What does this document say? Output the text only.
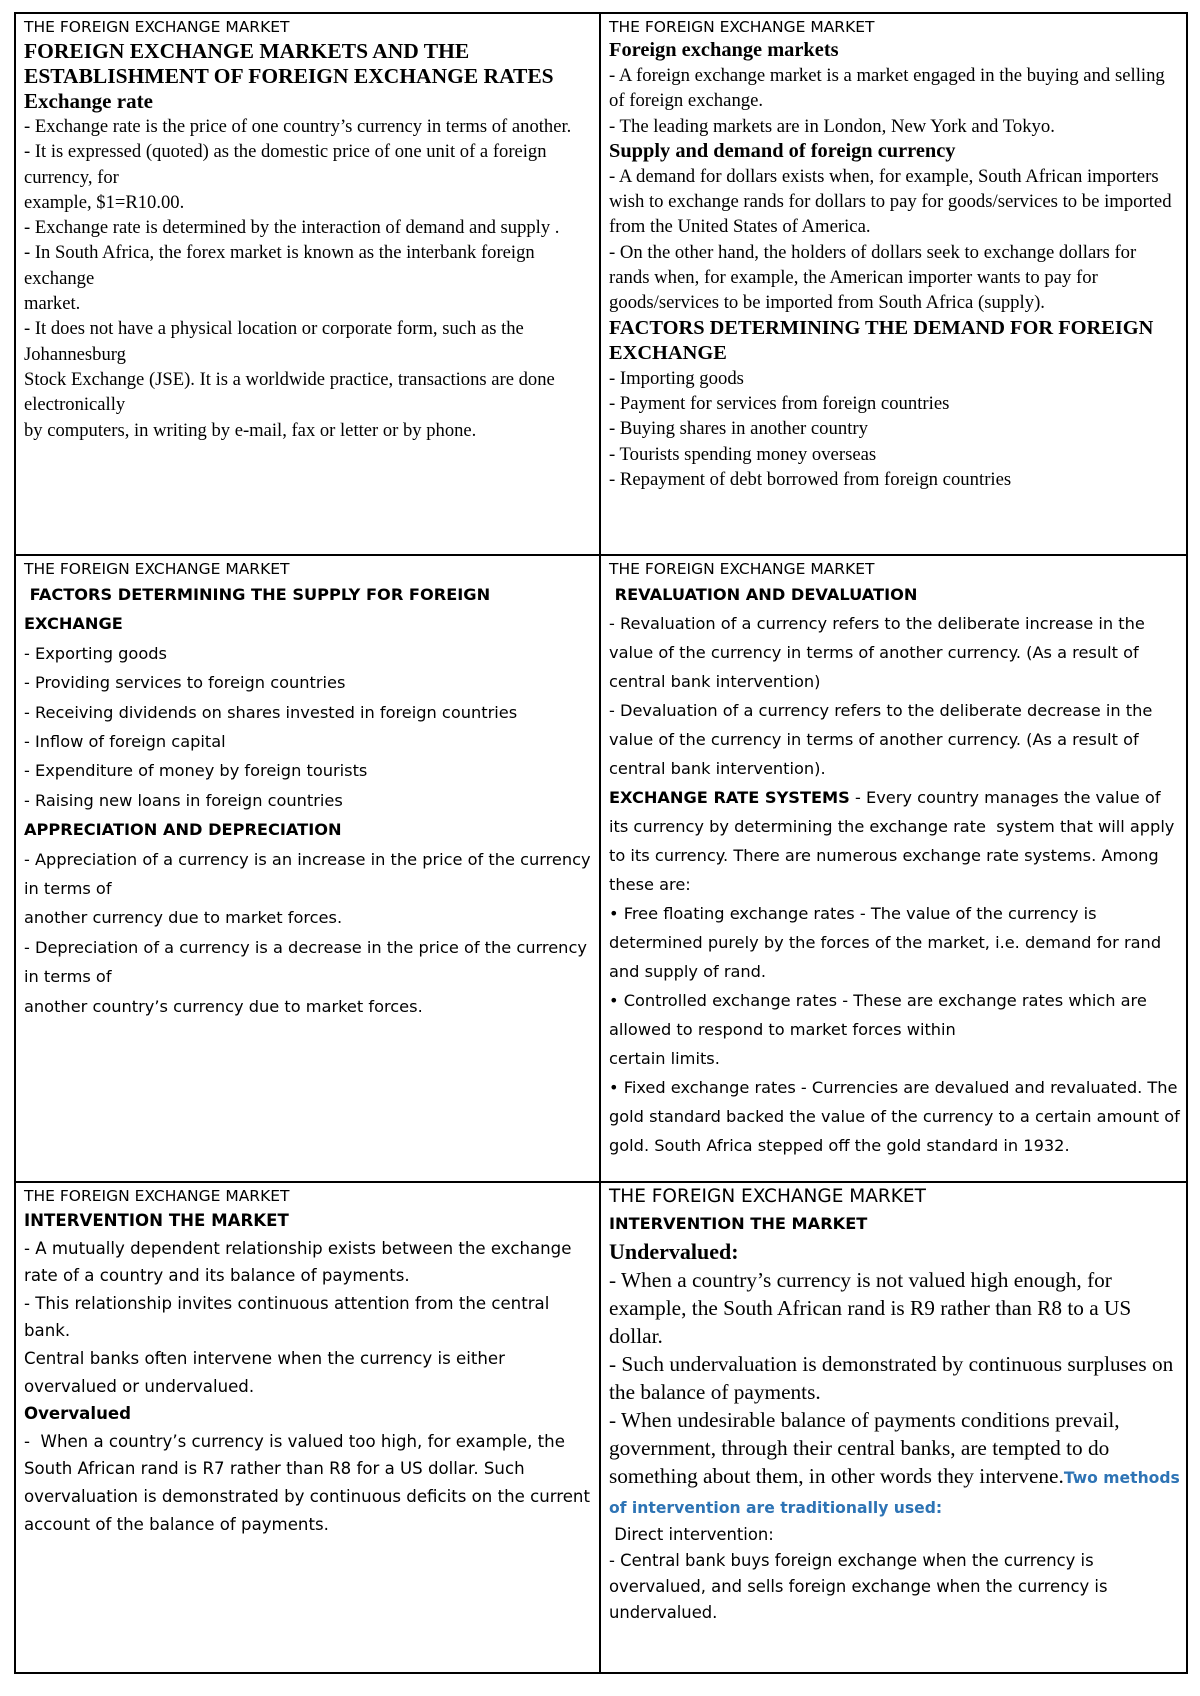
THE FOREIGN EXCHANGE MARKET
FOREIGN EXCHANGE MARKETS AND THE ESTABLISHMENT OF FOREIGN EXCHANGE RATES
Exchange rate

- Exchange rate is the price of one country’s currency in terms of another.

- It is expressed (quoted) as the domestic price of one unit of a foreign currency, for

example, $1=R10.00.

- Exchange rate is determined by the interaction of demand and supply .

- In South Africa, the forex market is known as the interbank foreign exchange

market.

- It does not have a physical location or corporate form, such as the Johannesburg

Stock Exchange (JSE). It is a worldwide practice, transactions are done electronically

by computers, in writing by e-mail, fax or letter or by phone.

THE FOREIGN EXCHANGE MARKET
Foreign exchange markets

- A foreign exchange market is a market engaged in the buying and selling of foreign exchange.

- The leading markets are in London, New York and Tokyo.

Supply and demand of foreign currency

- A demand for dollars exists when, for example, South African importers wish to exchange rands for dollars to pay for goods/services to be imported from the United States of America.

- On the other hand, the holders of dollars seek to exchange dollars for rands when, for example, the American importer wants to pay for goods/services to be imported from South Africa (supply).

FACTORS DETERMINING THE DEMAND FOR FOREIGN EXCHANGE

- Importing goods

- Payment for services from foreign countries

- Buying shares in another country

- Tourists spending money overseas

- Repayment of debt borrowed from foreign countries

THE FOREIGN EXCHANGE MARKET

FACTORS DETERMINING THE SUPPLY FOR FOREIGN EXCHANGE

- Exporting goods

- Providing services to foreign countries

- Receiving dividends on shares invested in foreign countries

- Inflow of foreign capital

- Expenditure of money by foreign tourists

- Raising new loans in foreign countries

APPRECIATION AND DEPRECIATION

- Appreciation of a currency is an increase in the price of the currency in terms of

another currency due to market forces.

- Depreciation of a currency is a decrease in the price of the currency in terms of

another country’s currency due to market forces.

THE FOREIGN EXCHANGE MARKET

REVALUATION AND DEVALUATION

- Revaluation of a currency refers to the deliberate increase in the value of the currency in terms of another currency. (As a result of central bank intervention)

- Devaluation of a currency refers to the deliberate decrease in the value of the currency in terms of another currency. (As a result of central bank intervention).

EXCHANGE RATE SYSTEMS - Every country manages the value of its currency by determining the exchange rate  system that will apply to its currency. There are numerous exchange rate systems. Among these are:

• Free floating exchange rates - The value of the currency is determined purely by the forces of the market, i.e. demand for rand and supply of rand.

• Controlled exchange rates - These are exchange rates which are allowed to respond to market forces within

certain limits.

• Fixed exchange rates - Currencies are devalued and revaluated. The gold standard backed the value of the currency to a certain amount of gold. South Africa stepped off the gold standard in 1932.

THE FOREIGN EXCHANGE MARKET

INTERVENTION THE MARKET

- A mutually dependent relationship exists between the exchange rate of a country and its balance of payments.

- This relationship invites continuous attention from the central bank.

Central banks often intervene when the currency is either overvalued or undervalued.

Overvalued

-  When a country’s currency is valued too high, for example, the South African rand is R7 rather than R8 for a US dollar. Such overvaluation is demonstrated by continuous deficits on the current account of the balance of payments.

THE FOREIGN EXCHANGE MARKET

INTERVENTION THE MARKET

Undervalued:

- When a country’s currency is not valued high enough, for example, the South African rand is R9 rather than R8 to a US dollar.

- Such undervaluation is demonstrated by continuous surpluses on the balance of payments.

- When undesirable balance of payments conditions prevail, government, through their central banks, are tempted to do something about them, in other words they intervene.Two methods of intervention are traditionally used:

Direct intervention:

- Central bank buys foreign exchange when the currency is overvalued, and sells foreign exchange when the currency is undervalued.
